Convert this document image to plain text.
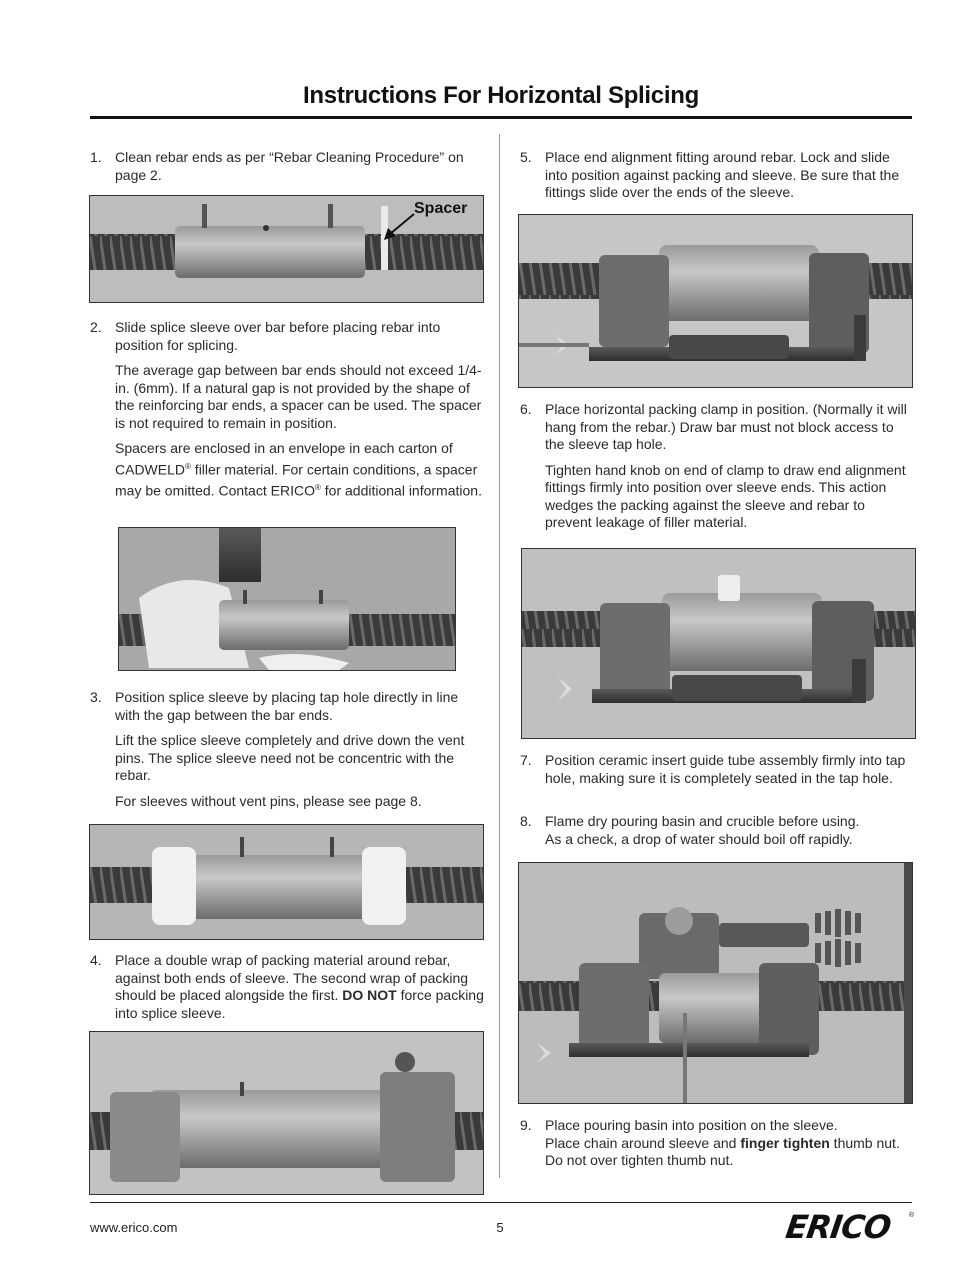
Instructions For Horizontal Splicing
1. Clean rebar ends as per “Rebar Cleaning Procedure” on page 2.

Spacer
2. Slide splice sleeve over bar before placing rebar into position for splicing.

The average gap between bar ends should not exceed 1/4-in. (6mm). If a natural gap is not provided by the shape of the reinforcing bar ends, a spacer can be used. The spacer is not required to remain in position.

Spacers are enclosed in an envelope in each carton of CADWELD® filler material. For certain conditions, a spacer may be omitted. Contact ERICO® for additional information.

3. Position splice sleeve by placing tap hole directly in line with the gap between the bar ends.

Lift the splice sleeve completely and drive down the vent pins. The splice sleeve need not be concentric with the rebar.

For sleeves without vent pins, please see page 8.

4. Place a double wrap of packing material around rebar, against both ends of sleeve. The second wrap of packing should be placed alongside the first. DO NOT force packing into splice sleeve.

5. Place end alignment fitting around rebar. Lock and slide into position against packing and sleeve. Be sure that the fittings slide over the ends of the sleeve.

6. Place horizontal packing clamp in position. (Normally it will hang from the rebar.) Draw bar must not block access to the sleeve tap hole.

Tighten hand knob on end of clamp to draw end alignment fittings firmly into position over sleeve ends. This action wedges the packing against the sleeve and rebar to prevent leakage of filler material.

7. Position ceramic insert guide tube assembly firmly into tap hole, making sure it is completely seated in the tap hole.

8. Flame dry pouring basin and crucible before using.
As a check, a drop of water should boil off rapidly.
9. Place pouring basin into position on the sleeve.
Place chain around sleeve and finger tighten thumb nut. Do not over tighten thumb nut.
www.erico.com	5	ERICO ®
